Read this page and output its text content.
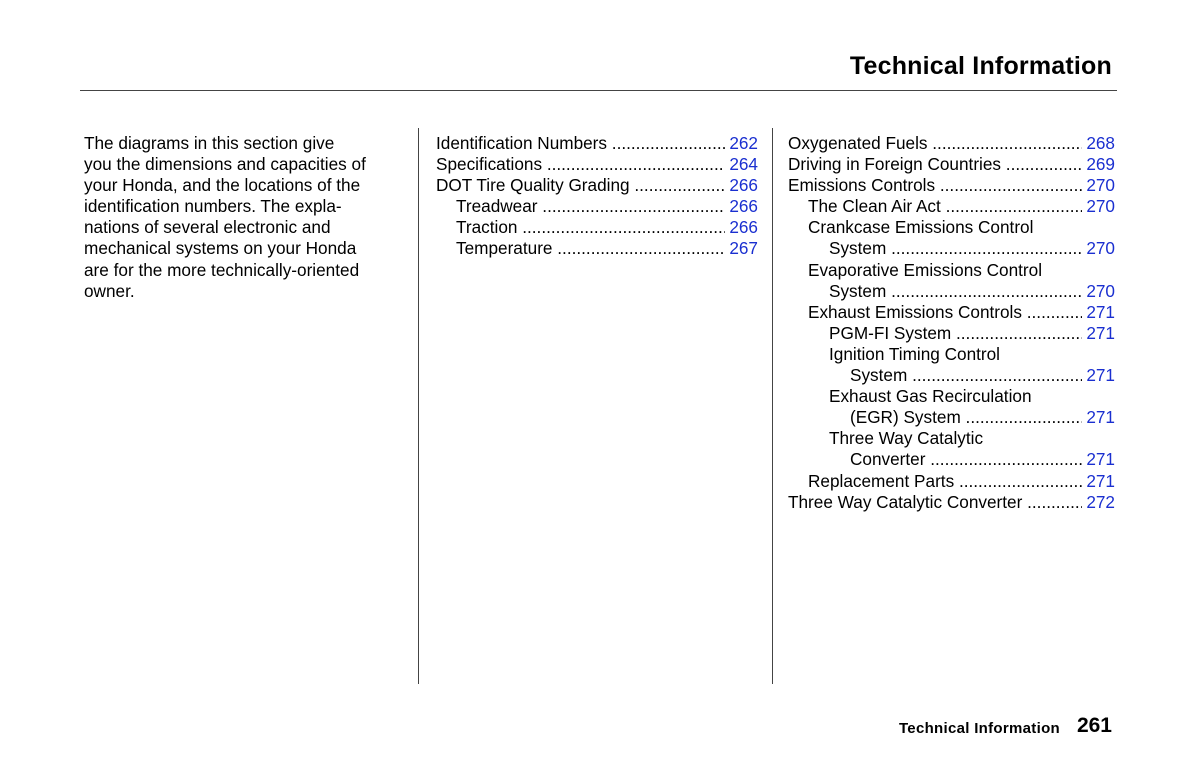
Technical Information

The diagrams in this section give
you the dimensions and capacities of
your Honda, and the locations of the
identification numbers. The expla-
nations of several electronic and
mechanical systems on your Honda
are for the more technically-oriented
owner.

Identification Numbers .....	262
Specifications .....	264
DOT Tire Quality Grading .....	266
Treadwear .....	266
Traction .....	266
Temperature .....	267
Oxygenated Fuels .....	268
Driving in Foreign Countries .....	269
Emissions Controls .....	270
The Clean Air Act .....	270
Crankcase Emissions Control
System .....	270
Evaporative Emissions Control
System .....	270
Exhaust Emissions Controls .....	271
PGM-FI System .....	271
Ignition Timing Control
System .....	271
Exhaust Gas Recirculation
(EGR) System .....	271
Three Way Catalytic
Converter .....	271
Replacement Parts .....	271
Three Way Catalytic Converter .....	272
Technical Information 261
